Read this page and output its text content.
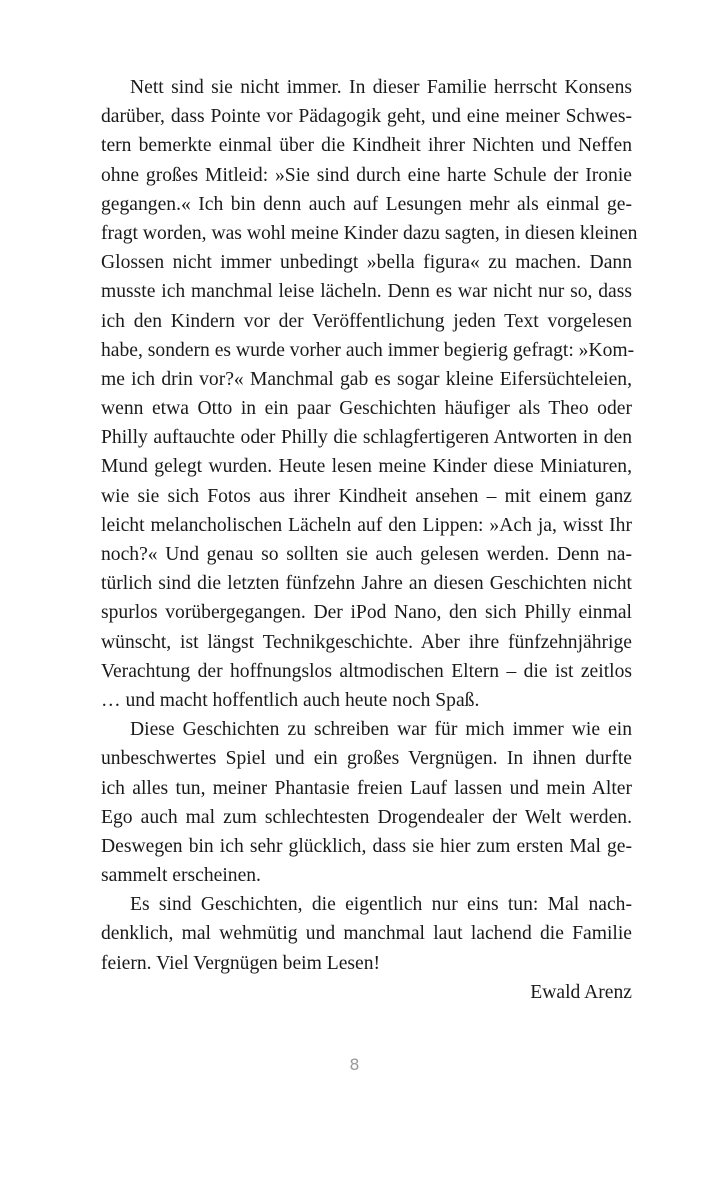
Nett sind sie nicht immer. In dieser Familie herrscht Konsens
darüber, dass Pointe vor Pädagogik geht, und eine meiner Schwes-
tern bemerkte einmal über die Kindheit ihrer Nichten und Neffen
ohne großes Mitleid: »Sie sind durch eine harte Schule der Ironie
gegangen.« Ich bin denn auch auf Lesungen mehr als einmal ge-
fragt worden, was wohl meine Kinder dazu sagten, in diesen kleinen
Glossen nicht immer unbedingt »bella figura« zu machen. Dann
musste ich manchmal leise lächeln. Denn es war nicht nur so, dass
ich den Kindern vor der Veröffentlichung jeden Text vorgelesen
habe, sondern es wurde vorher auch immer begierig gefragt: »Kom-
me ich drin vor?« Manchmal gab es sogar kleine Eifersüchteleien,
wenn etwa Otto in ein paar Geschichten häufiger als Theo oder
Philly auftauchte oder Philly die schlagfertigeren Antworten in den
Mund gelegt wurden. Heute lesen meine Kinder diese Miniaturen,
wie sie sich Fotos aus ihrer Kindheit ansehen – mit einem ganz
leicht melancholischen Lächeln auf den Lippen: »Ach ja, wisst Ihr
noch?« Und genau so sollten sie auch gelesen werden. Denn na-
türlich sind die letzten fünfzehn Jahre an diesen Geschichten nicht
spurlos vorübergegangen. Der iPod Nano, den sich Philly einmal
wünscht, ist längst Technikgeschichte. Aber ihre fünfzehnjährige
Verachtung der hoffnungslos altmodischen Eltern – die ist zeitlos
… und macht hoffentlich auch heute noch Spaß.
Diese Geschichten zu schreiben war für mich immer wie ein
unbeschwertes Spiel und ein großes Vergnügen. In ihnen durfte
ich alles tun, meiner Phantasie freien Lauf lassen und mein Alter
Ego auch mal zum schlechtesten Drogendealer der Welt werden.
Deswegen bin ich sehr glücklich, dass sie hier zum ersten Mal ge-
sammelt erscheinen.
Es sind Geschichten, die eigentlich nur eins tun: Mal nach-
denklich, mal wehmütig und manchmal laut lachend die Familie
feiern. Viel Vergnügen beim Lesen!
Ewald Arenz
8
